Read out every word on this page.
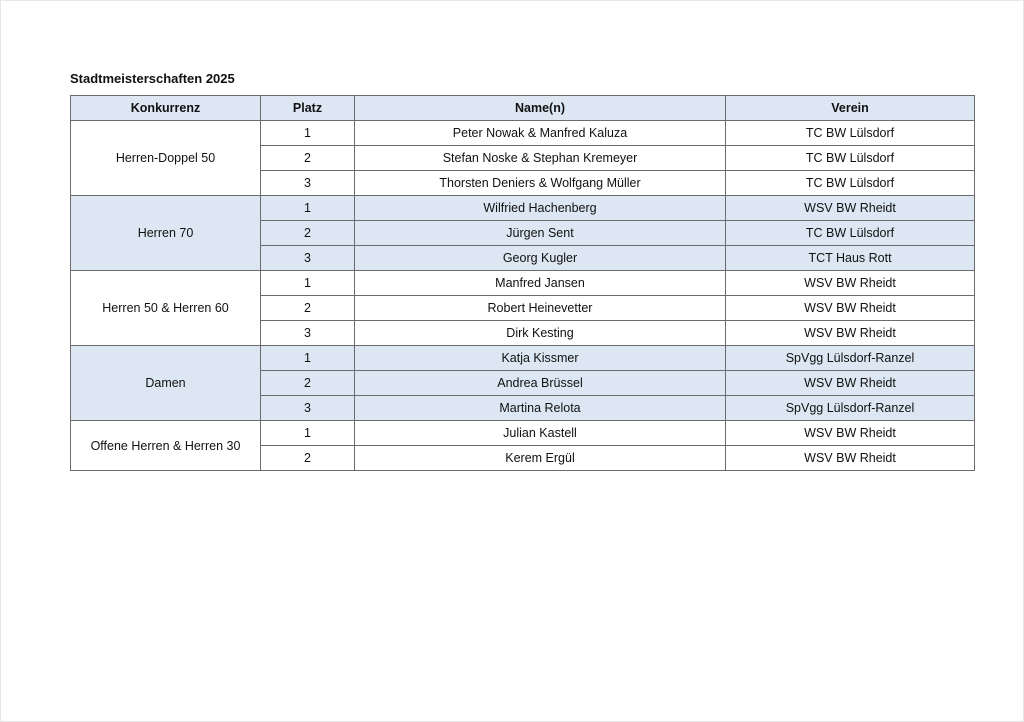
Stadtmeisterschaften 2025
Konkurrenz	Platz	Name(n)	Verein
Herren-Doppel 50	1	Peter Nowak & Manfred Kaluza	TC BW Lülsdorf
	2	Stefan Noske & Stephan Kremeyer	TC BW Lülsdorf
	3	Thorsten Deniers & Wolfgang Müller	TC BW Lülsdorf
Herren 70	1	Wilfried Hachenberg	WSV BW Rheidt
	2	Jürgen Sent	TC BW Lülsdorf
	3	Georg Kugler	TCT Haus Rott
Herren 50 & Herren 60	1	Manfred Jansen	WSV BW Rheidt
	2	Robert Heinevetter	WSV BW Rheidt
	3	Dirk Kesting	WSV BW Rheidt
Damen	1	Katja Kissmer	SpVgg Lülsdorf-Ranzel
	2	Andrea Brüssel	WSV BW Rheidt
	3	Martina Relota	SpVgg Lülsdorf-Ranzel
Offene Herren & Herren 30	1	Julian Kastell	WSV BW Rheidt
	2	Kerem Ergül	WSV BW Rheidt
